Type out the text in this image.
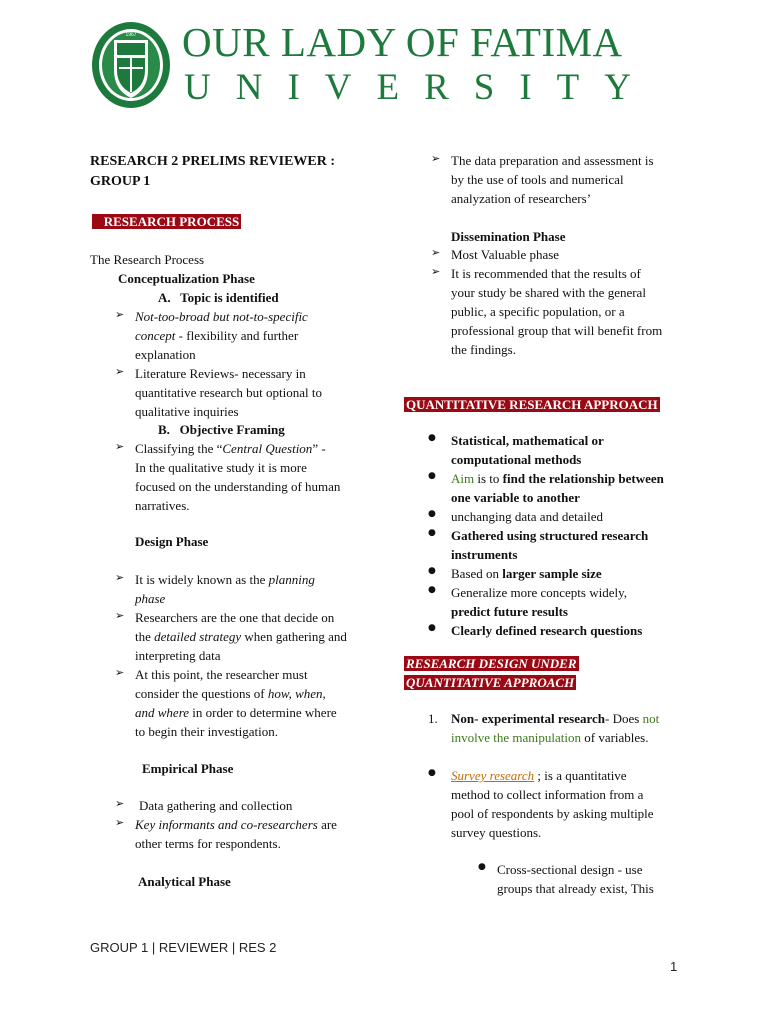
1967 OUR LADY OF FATIMA
UNIVERSITY
RESEARCH 2 PRELIMS REVIEWER :
GROUP 1
RESEARCH PROCESS
The Research Process
Conceptualization Phase
A. Topic is identified
➢ Not-too-broad but not-to-specific
concept - flexibility and further
explanation
➢ Literature Reviews- necessary in
quantitative research but optional to
qualitative inquiries
B. Objective Framing
➢ Classifying the “Central Question” -
In the qualitative study it is more
focused on the understanding of human
narratives.
Design Phase
➢ It is widely known as the planning
phase
➢ Researchers are the one that decide on
the detailed strategy when gathering and
interpreting data
➢ At this point, the researcher must
consider the questions of how, when,
and where in order to determine where
to begin their investigation.
Empirical Phase
➢ Data gathering and collection
➢ Key informants and co-researchers are
other terms for respondents.
Analytical Phase
➢ The data preparation and assessment is
by the use of tools and numerical
analyzation of researchers’
Dissemination Phase
➢ Most Valuable phase
➢ It is recommended that the results of
your study be shared with the general
public, a specific population, or a
professional group that will benefit from
the findings.
QUANTITATIVE RESEARCH APPROACH
● Statistical, mathematical or
computational methods
● Aim is to find the relationship between
one variable to another
● unchanging data and detailed
● Gathered using structured research
instruments
● Based on larger sample size
● Generalize more concepts widely,
predict future results
● Clearly defined research questions
RESEARCH DESIGN UNDER
QUANTITATIVE APPROACH
1. Non- experimental research- Does not
involve the manipulation of variables.
● Survey research ; is a quantitative
method to collect information from a
pool of respondents by asking multiple
survey questions.
● Cross-sectional design - use
groups that already exist, This
GROUP 1 | REVIEWER | RES 2
1
